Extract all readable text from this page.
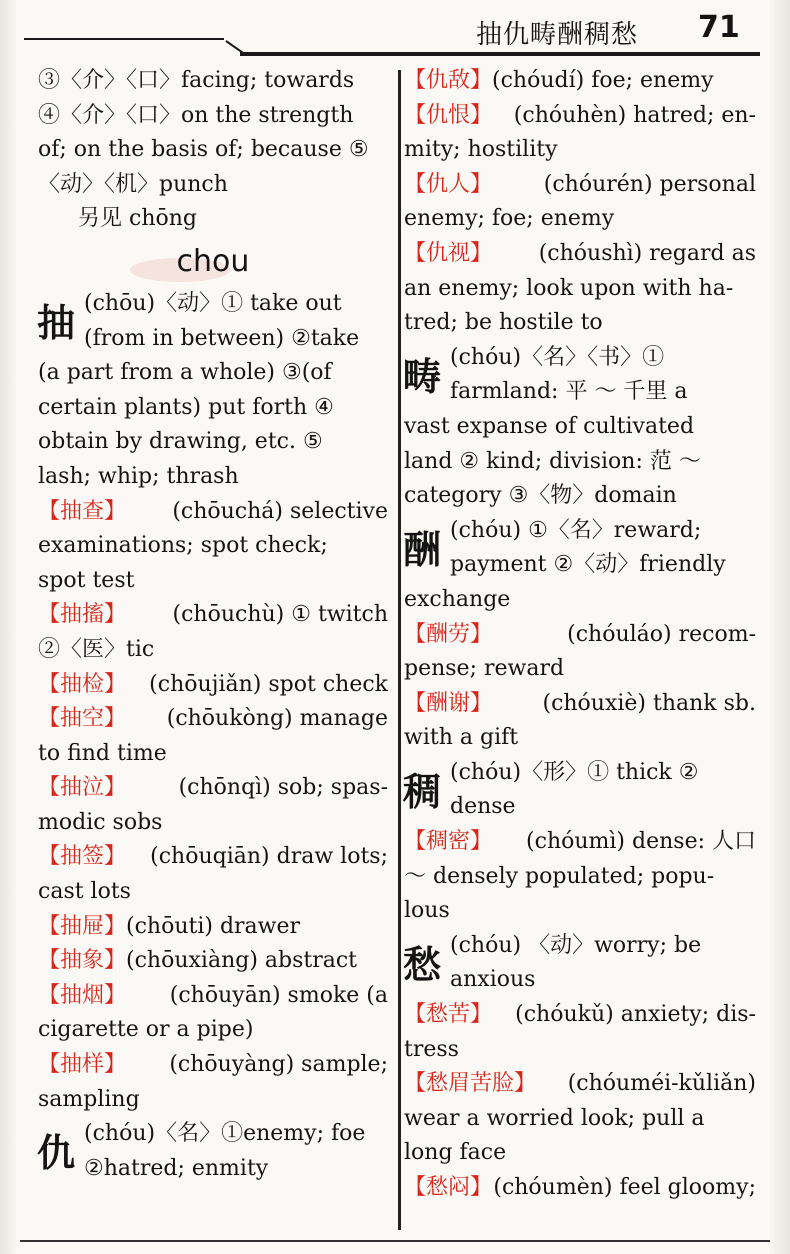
抽仇畴酬稠愁 71
③〈介〉〈口〉facing; towards
④〈介〉〈口〉on the strength
of; on the basis of; because ⑤
〈动〉〈机〉punch
另见 chōng
chou
抽 (chōu)〈动〉① take out
(from in between) ②take
(a part from a whole) ③(of
certain plants) put forth ④
obtain by drawing, etc. ⑤
lash; whip; thrash
【抽查】 (chōuchá) selective
examinations; spot check;
spot test
【抽搐】 (chōuchù) ① twitch
②〈医〉tic
【抽检】 (chōujiǎn) spot check
【抽空】 (chōukòng) manage
to find time
【抽泣】 (chōnqì) sob; spas-
modic sobs
【抽签】 (chōuqiān) draw lots;
cast lots
【抽屉】 (chōuti) drawer
【抽象】 (chōuxiàng) abstract
【抽烟】 (chōuyān) smoke (a
cigarette or a pipe)
【抽样】 (chōuyàng) sample;
sampling
仇 (chóu)〈名〉①enemy; foe
②hatred; enmity
【仇敌】 (chóudí) foe; enemy
【仇恨】 (chóuhèn) hatred; en-
mity; hostility
【仇人】 (chóurén) personal
enemy; foe; enemy
【仇视】 (chóushì) regard as
an enemy; look upon with ha-
tred; be hostile to
畴 (chóu)〈名〉〈书〉①
farmland: 平 ～ 千里 a
vast expanse of cultivated
land ② kind; division: 范 ～
category ③〈物〉domain
酬 (chóu) ①〈名〉reward;
payment ②〈动〉friendly
exchange
【酬劳】	(chóuláo) recom-
pense; reward
【酬谢】 (chóuxiè) thank sb.
with a gift
稠 (chóu)〈形〉① thick ②
dense
【稠密】 (chóumì) dense: 人口
～ densely populated; popu-
lous
愁 (chóu) 〈动〉worry; be
anxious
【愁苦】 (chóukǔ) anxiety; dis-
tress
【愁眉苦脸】 (chóuméi-kǔliǎn)
wear a worried look; pull a
long face
【愁闷】 (chóumèn) feel gloomy;
